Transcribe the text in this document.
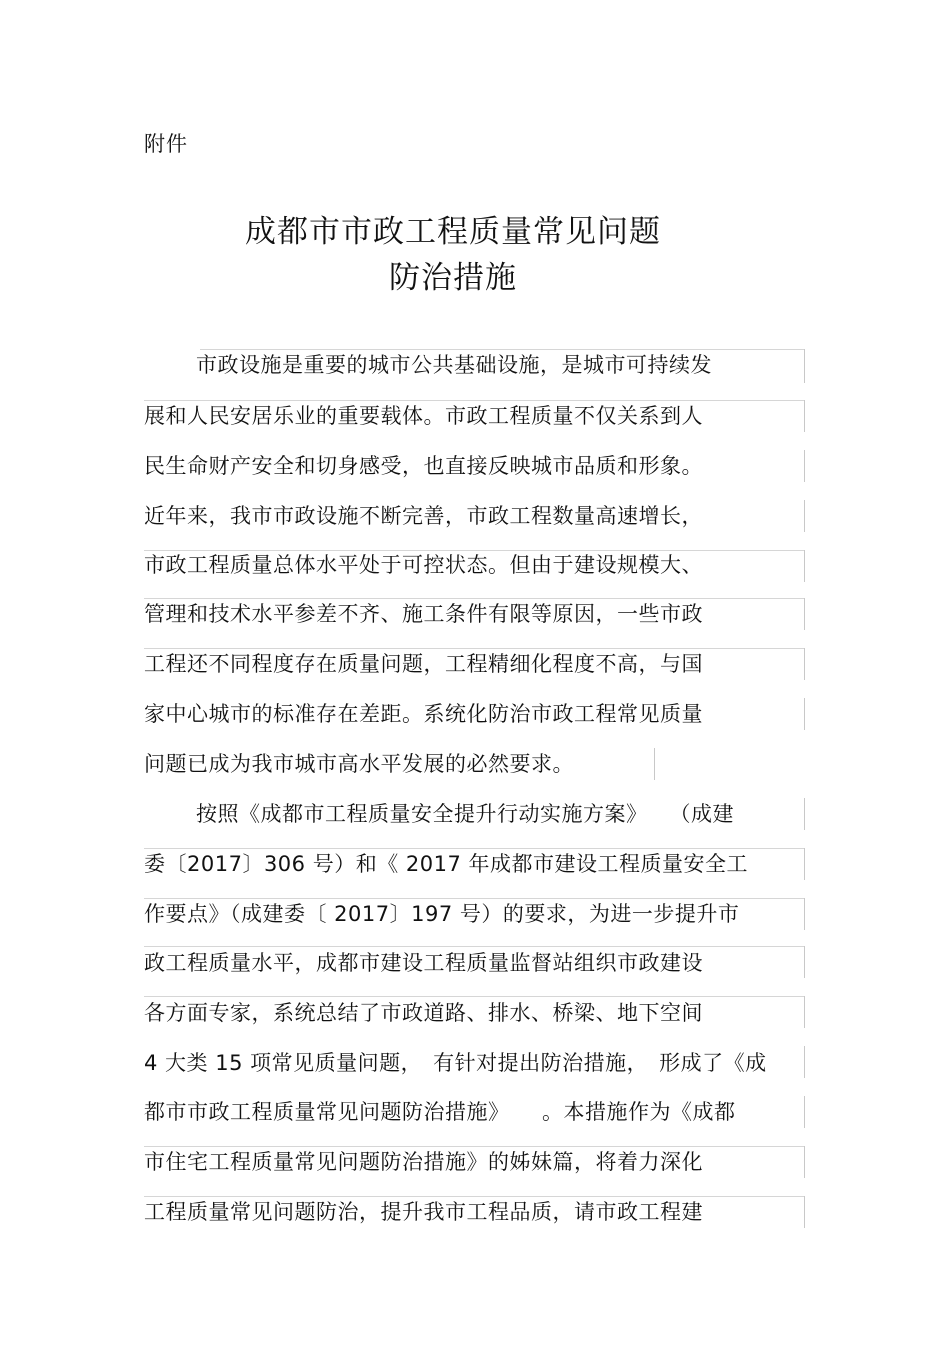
附件
成都市市政工程质量常见问题
防治措施
市政设施是重要的城市公共基础设施，是城市可持续发
展和人民安居乐业的重要载体。市政工程质量不仅关系到人
民生命财产安全和切身感受，也直接反映城市品质和形象。
近年来，我市市政设施不断完善，市政工程数量高速增长，
市政工程质量总体水平处于可控状态。但由于建设规模大、
管理和技术水平参差不齐、施工条件有限等原因，一些市政
工程还不同程度存在质量问题，工程精细化程度不高，与国
家中心城市的标准存在差距。系统化防治市政工程常见质量
问题已成为我市城市高水平发展的必然要求。
按照《成都市工程质量安全提升行动实施方案》　　（成建
委〔2017〕306 号）和《 2017 年成都市建设工程质量安全工
作要点》（成建委〔 2017〕197 号）的要求，为进一步提升市
政工程质量水平，成都市建设工程质量监督站组织市政建设
各方面专家，系统总结了市政道路、排水、桥梁、地下空间
4 大类 15 项常见质量问题，　有针对提出防治措施，　形成了《成
都市市政工程质量常见问题防治措施》　　。本措施作为《成都
市住宅工程质量常见问题防治措施》的姊妹篇，将着力深化
工程质量常见问题防治，提升我市工程品质，请市政工程建
